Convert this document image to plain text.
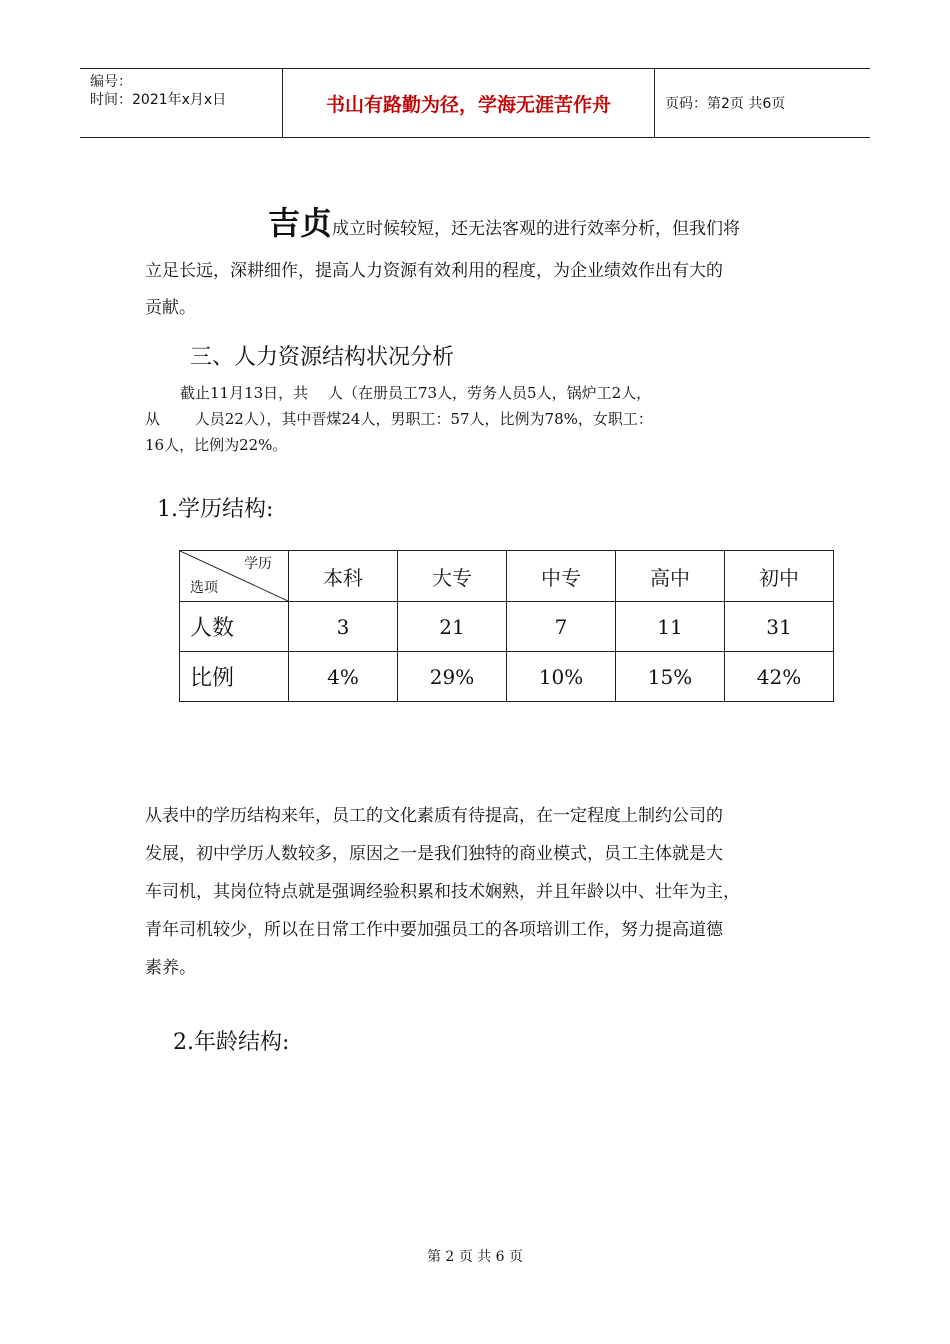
编号：
时间：2021年x月x日	书山有路勤为径，学海无涯苦作舟	页码：第2页 共6页
吉贞成立时候较短，还无法客观的进行效率分析，但我们将
立足长远，深耕细作，提高人力资源有效利用的程度，为企业绩效作出有大的
贡献。
三、人力资源结构状况分析
截止11月13日，共　 人（在册员工73人，劳务人员5人，锅炉工2人，
从　　 人员22人），其中晋煤24人，男职工：57人，比例为78%，女职工：
16人，比例为22%。
1.学历结构:
学历
选项	本科	大专	中专	高中	初中
人数	3	21	7	11	31
比例	4%	29%	10%	15%	42%
从表中的学历结构来年，员工的文化素质有待提高，在一定程度上制约公司的
发展，初中学历人数较多，原因之一是我们独特的商业模式，员工主体就是大
车司机，其岗位特点就是强调经验积累和技术娴熟，并且年龄以中、壮年为主，
青年司机较少，所以在日常工作中要加强员工的各项培训工作，努力提高道德
素养。
2.年龄结构:
第 2 页 共 6 页
